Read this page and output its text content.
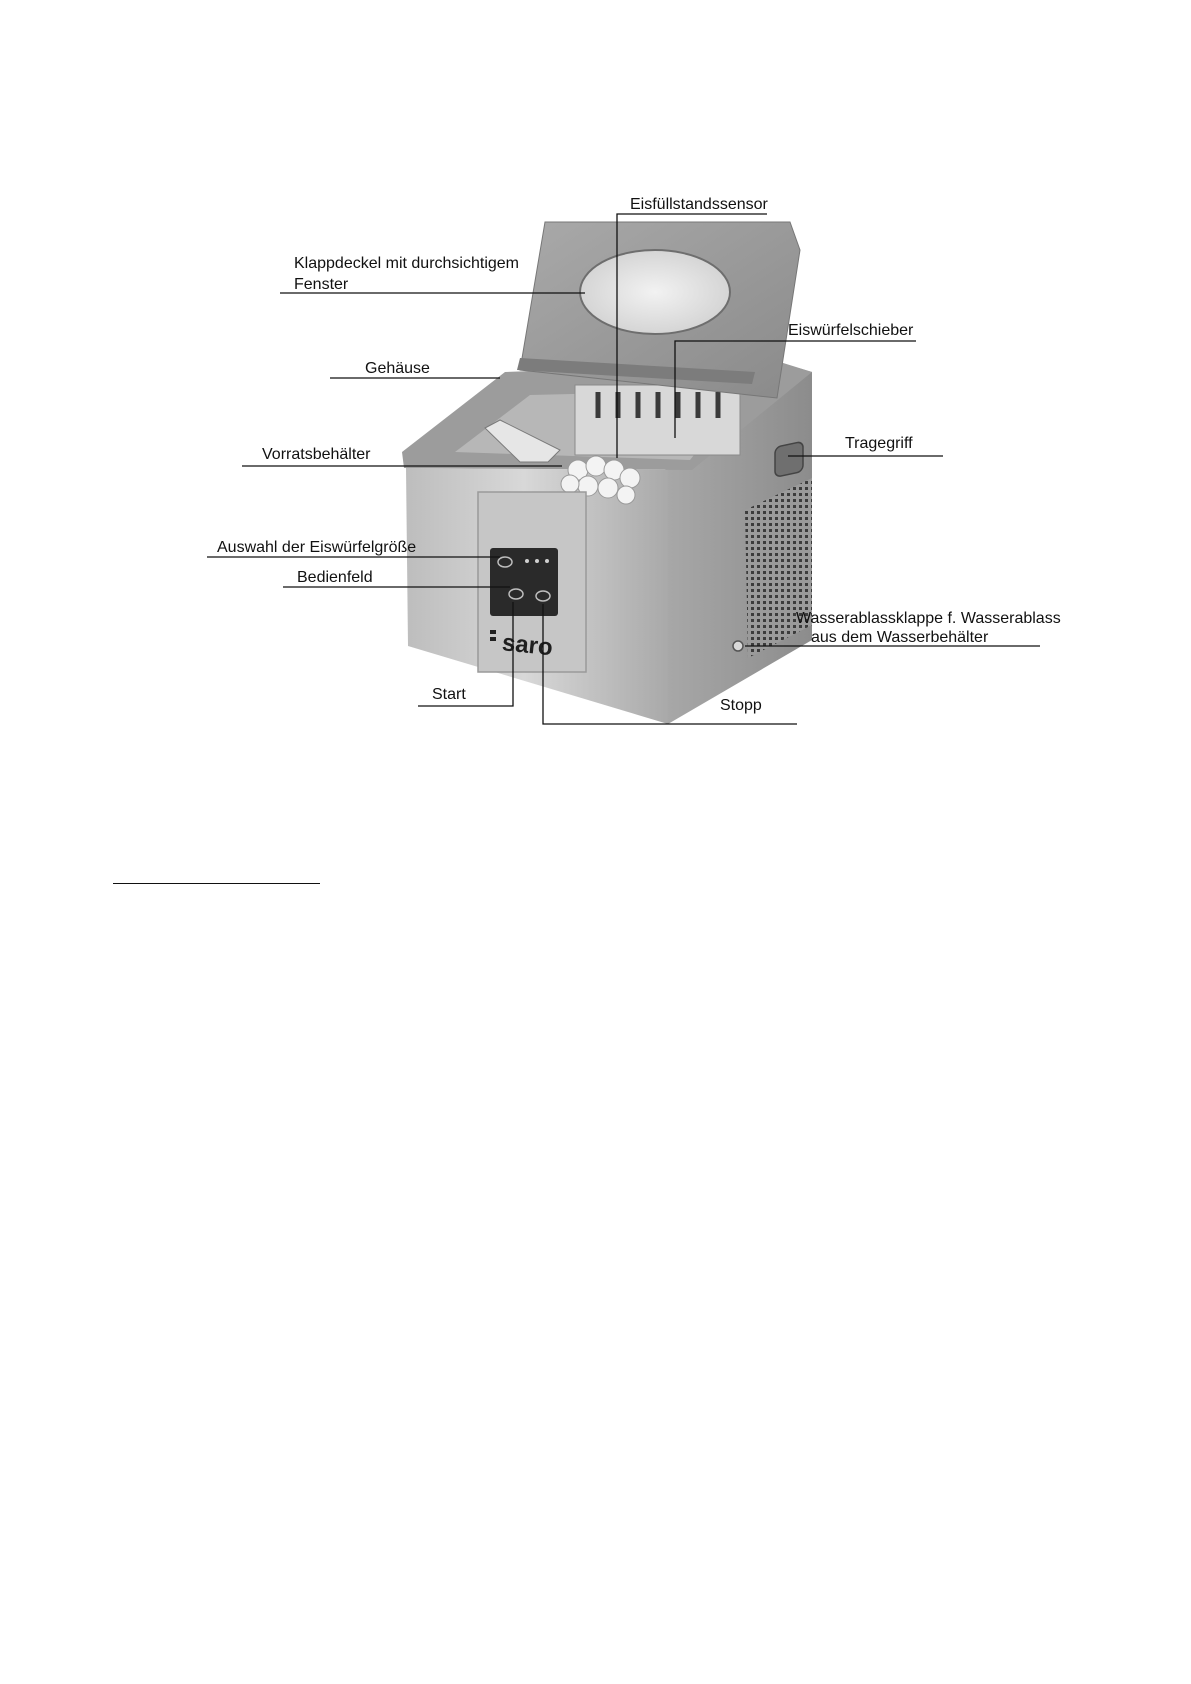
saro
Eisfüllstandssensor
Klappdeckel mit durchsichtigem
Fenster
Eiswürfelschieber
Gehäuse
Tragegriff
Vorratsbehälter
Auswahl der Eiswürfelgröße
Bedienfeld
Wasserablassklappe f. Wasserablass
aus dem Wasserbehälter
Start
Stopp
